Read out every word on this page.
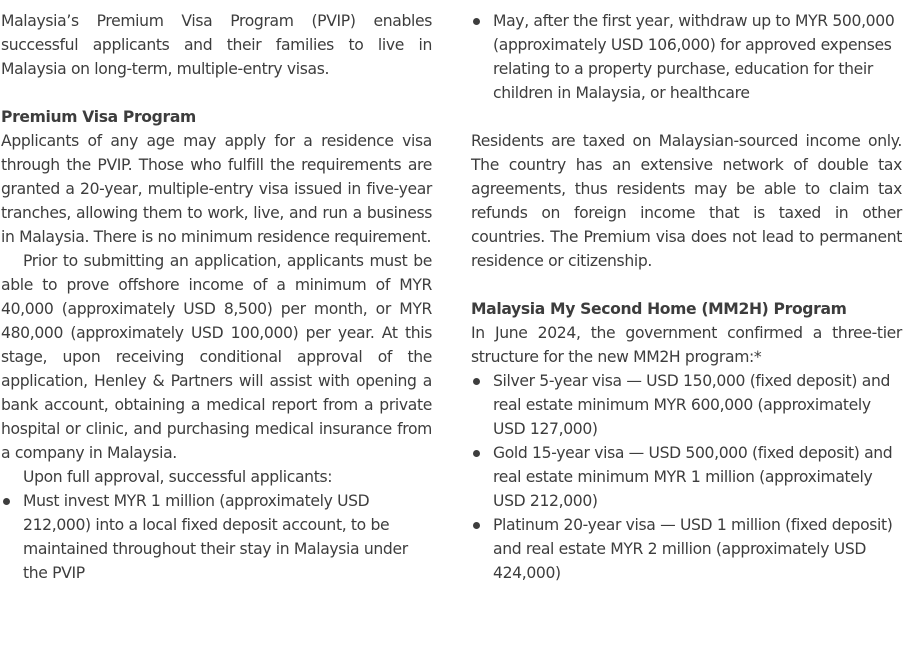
Malaysia’s Premium Visa Program (PVIP) enables successful applicants and their families to live in Malaysia on long-term, multiple-entry visas.

Premium Visa Program

Applicants of any age may apply for a residence visa through the PVIP. Those who fulfill the requirements are granted a 20-year, multiple-entry visa issued in five-year tranches, allowing them to work, live, and run a business in Malaysia. There is no minimum residence requirement.

Prior to submitting an application, applicants must be able to prove offshore income of a minimum of MYR 40,000 (approximately USD 8,500) per month, or MYR 480,000 (approximately USD 100,000) per year. At this stage, upon receiving conditional approval of the application, Henley & Partners will assist with opening a bank account, obtaining a medical report from a private hospital or clinic, and purchasing medical insurance from a company in Malaysia.

Upon full approval, successful applicants:

Must invest MYR 1 million (approximately USD 212,000) into a local fixed deposit account, to be maintained throughout their stay in Malaysia under the PVIP
May, after the first year, withdraw up to MYR 500,000 (approximately USD 106,000) for approved expenses relating to a property purchase, education for their children in Malaysia, or healthcare

Residents are taxed on Malaysian-sourced income only. The country has an extensive network of double tax agreements, thus residents may be able to claim tax refunds on foreign income that is taxed in other countries. The Premium visa does not lead to permanent residence or citizenship.

Malaysia My Second Home (MM2H) Program

In June 2024, the government confirmed a three-tier structure for the new MM2H program:*

Silver 5-year visa — USD 150,000 (fixed deposit) and real estate minimum MYR 600,000 (approximately USD 127,000)
Gold 15-year visa — USD 500,000 (fixed deposit) and real estate minimum MYR 1 million (approximately USD 212,000)
Platinum 20-year visa — USD 1 million (fixed deposit) and real estate MYR 2 million (approximately USD 424,000)
